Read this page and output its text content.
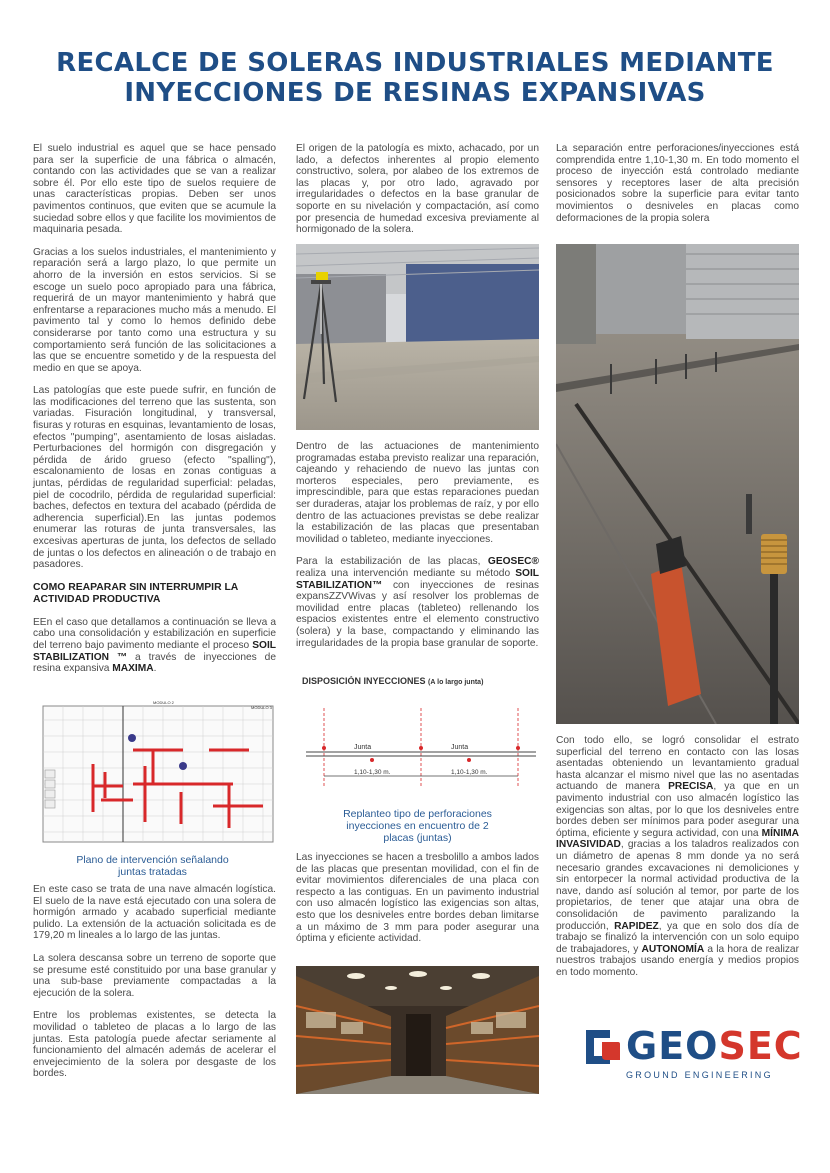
RECALCE DE SOLERAS INDUSTRIALES MEDIANTE
INYECCIONES DE RESINAS EXPANSIVAS

El suelo industrial es aquel que se hace pensado para ser la superficie de una fábrica o almacén, contando con las actividades que se van a realizar sobre él. Por ello este tipo de suelos requiere de unas características propias. Deben ser unos pavimentos continuos, que eviten que se acumule la suciedad sobre ellos y que facilite los movimientos de maquinaria pesada.

Gracias a los suelos industriales, el mantenimiento y reparación será a largo plazo, lo que permite un ahorro de la inversión en estos servicios. Si se escoge un suelo poco apropiado para una fábrica, requerirá de un mayor mantenimiento y habrá que enfrentarse a reparaciones mucho más a menudo. El pavimento tal y como lo hemos definido debe considerarse por tanto como una estructura y su comportamiento será función de las solicitaciones a las que se encuentre sometido y de la respuesta del medio en que se apoya.

Las patologías que este puede sufrir, en función de las modificaciones del terreno que las sustenta, son variadas. Fisuración longitudinal, y transversal, fisuras y roturas en esquinas, levantamiento de losas, efectos "pumping", asentamiento de losas aisladas. Perturbaciones del hormigón con disgregación y pérdida de árido grueso (efecto "spalling"), escalonamiento de losas en zonas contiguas a juntas, pérdidas de regularidad superficial: peladas, piel de cocodrilo, pérdida de regularidad superficial: baches, defectos en textura del acabado (pérdida de adherencia superficial).En las juntas podemos enumerar las roturas de junta transversales, las excesivas aperturas de junta, los defectos de sellado de juntas o los defectos en alineación o de trabajo en pasadores.

COMO REAPARAR SIN INTERRUMPIR LA ACTIVIDAD PRODUCTIVA

EEn el caso que detallamos a continuación se lleva a cabo una consolidación y estabilización en superficie del terreno bajo pavimento mediante el proceso SOIL STABILIZATION ™ a través de inyecciones de resina expansiva MAXIMA.

MODULO 2
MODULO 3
Plano de intervención señalando juntas tratadas

En este caso se trata de una nave almacén logística. El suelo de la nave está ejecutado con una solera de hormigón armado y acabado superficial mediante pulido. La extensión de la actuación solicitada es de 179,20 m lineales a lo largo de las juntas.

La solera descansa sobre un terreno de soporte que se presume esté constituido por una base granular y una sub-base previamente compactadas a la ejecución de la solera.

Entre los problemas existentes, se detecta la movilidad o tableteo de placas a lo largo de las juntas. Esta patología puede afectar seriamente al funcionamiento del almacén además de acelerar el envejecimiento de la solera por desgaste de los bordes.

El origen de la patología es mixto, achacado, por un lado, a defectos inherentes al propio elemento constructivo, solera, por alabeo de los extremos de las placas y, por otro lado, agravado por irregularidades o defectos en la base granular de soporte en su nivelación y compactación, así como por presencia de humedad excesiva previamente al hormigonado de la solera.

Dentro de las actuaciones de mantenimiento programadas estaba previsto realizar una reparación, cajeando y rehaciendo de nuevo las juntas con morteros especiales, pero previamente, es imprescindible, para que estas reparaciones puedan ser duraderas, atajar los problemas de raíz, y por ello dentro de las actuaciones previstas se debe realizar la estabilización de las placas que presentaban movilidad o tableteo, mediante inyecciones.

Para la estabilización de las placas, GEOSEC® realiza una intervención mediante su método SOIL STABILIZATION™ con inyecciones de resinas expansZZVWivas y así resolver los problemas de movilidad entre placas (tableteo) rellenando los espacios existentes entre el elemento constructivo (solera) y la base, compactando y eliminando las irregularidades de la propia base granular de soporte.

DISPOSICIÓN INYECCIONES (A lo largo junta)
Junta	Junta
1,10-1,30 m.	1,10-1,30 m.
Replanteo tipo de perforaciones inyecciones en encuentro de 2 placas (juntas)

Las inyecciones se hacen a tresbolillo a ambos lados de las placas que presentan movilidad, con el fin de evitar movimientos diferenciales de una placa con respecto a las contiguas. En un pavimento industrial con uso almacén logístico las exigencias son altas, esto que los desniveles entre bordes deban limitarse a un máximo de 3 mm para poder asegurar una óptima y eficiente actividad.

La separación entre perforaciones/inyecciones está comprendida entre 1,10-1,30 m. En todo momento el proceso de inyección está controlado mediante sensores y receptores laser de alta precisión posicionados sobre la superficie para evitar tanto movimientos o desniveles en placas como deformaciones de la propia solera

Con todo ello, se logró consolidar el estrato superficial del terreno en contacto con las losas asentadas obteniendo un levantamiento gradual hasta alcanzar el mismo nivel que las no asentadas actuando de manera PRECISA, ya que en un pavimento industrial con uso almacén logístico las exigencias son altas, por lo que los desniveles entre bordes deben ser mínimos para poder asegurar una óptima, eficiente y segura actividad, con una MÍNIMA INVASIVIDAD, gracias a los taladros realizados con un diámetro de apenas 8 mm donde ya no será necesario grandes excavaciones ni demoliciones y sin entorpecer la normal actividad productiva de la nave, dando así solución al temor, por parte de los propietarios, de tener que atajar una obra de consolidación de pavimento paralizando la producción, RAPIDEZ, ya que en solo dos día de trabajo se finalizó la intervención con un solo equipo de trabajadores, y AUTONOMÍA a la hora de realizar nuestros trabajos usando energía y medios propios en todo momento.

GEOSEC
GROUND ENGINEERING
